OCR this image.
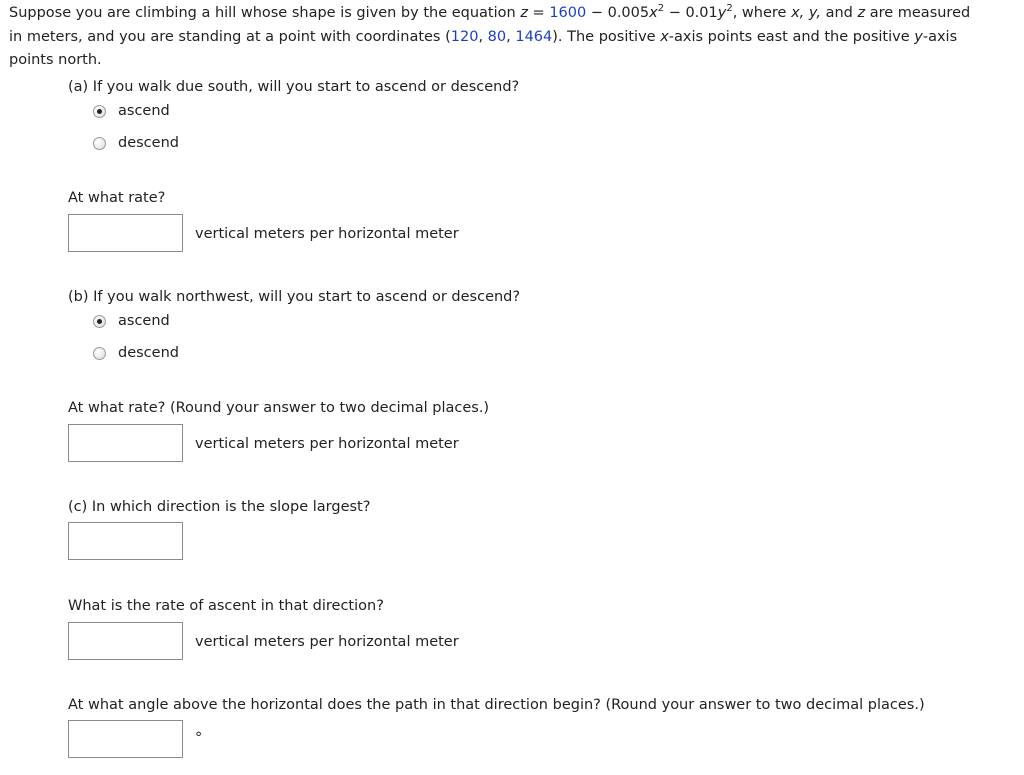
Suppose you are climbing a hill whose shape is given by the equation $z = 1600 - 0.005x^2 - 0.01y^2$, where x, y, and z are measured
in meters, and you are standing at a point with coordinates (120, 80, 1464). The positive x-axis points east and the positive y-axis
points north.
(a) If you walk due south, will you start to ascend or descend?
ascend
descend
At what rate?
vertical meters per horizontal meter
(b) If you walk northwest, will you start to ascend or descend?
ascend
descend
At what rate? (Round your answer to two decimal places.)
vertical meters per horizontal meter
(c) In which direction is the slope largest?
What is the rate of ascent in that direction?
vertical meters per horizontal meter
At what angle above the horizontal does the path in that direction begin? (Round your answer to two decimal places.)
°
